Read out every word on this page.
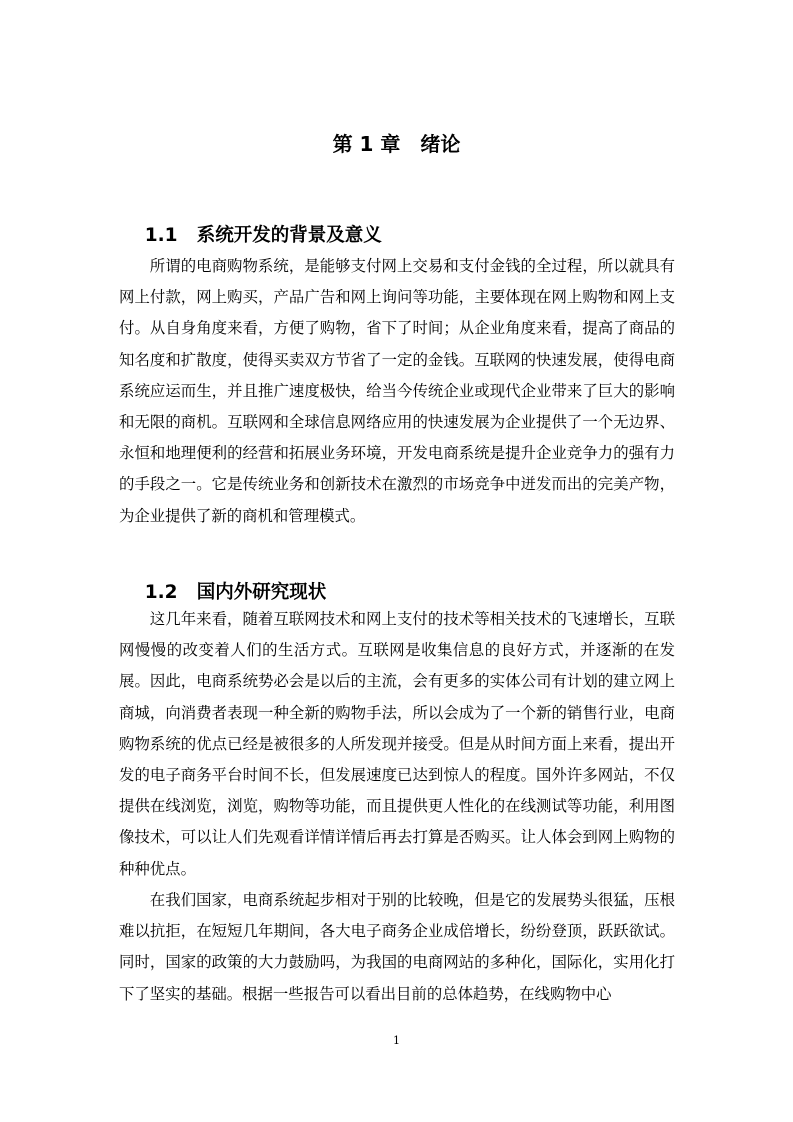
第 1 章　绪论

1.1 系统开发的背景及意义

所谓的电商购物系统，是能够支付网上交易和支付金钱的全过程，所以就具有网上付款，网上购买，产品广告和网上询问等功能，主要体现在网上购物和网上支付。从自身角度来看，方便了购物，省下了时间；从企业角度来看，提高了商品的知名度和扩散度，使得买卖双方节省了一定的金钱。互联网的快速发展，使得电商系统应运而生，并且推广速度极快，给当今传统企业或现代企业带来了巨大的影响和无限的商机。互联网和全球信息网络应用的快速发展为企业提供了一个无边界、永恒和地理便利的经营和拓展业务环境，开发电商系统是提升企业竞争力的强有力的手段之一。它是传统业务和创新技术在激烈的市场竞争中迸发而出的完美产物，为企业提供了新的商机和管理模式。

1.2 国内外研究现状

这几年来看，随着互联网技术和网上支付的技术等相关技术的飞速增长，互联网慢慢的改变着人们的生活方式。互联网是收集信息的良好方式，并逐渐的在发展。因此，电商系统势必会是以后的主流，会有更多的实体公司有计划的建立网上商城，向消费者表现一种全新的购物手法，所以会成为了一个新的销售行业，电商购物系统的优点已经是被很多的人所发现并接受。但是从时间方面上来看，提出开发的电子商务平台时间不长，但发展速度已达到惊人的程度。国外许多网站，不仅提供在线浏览，浏览，购物等功能，而且提供更人性化的在线测试等功能，利用图像技术，可以让人们先观看详情详情后再去打算是否购买。让人体会到网上购物的种种优点。

在我们国家，电商系统起步相对于别的比较晚，但是它的发展势头很猛，压根难以抗拒，在短短几年期间，各大电子商务企业成倍增长，纷纷登顶，跃跃欲试。同时，国家的政策的大力鼓励吗，为我国的电商网站的多种化，国际化，实用化打下了坚实的基础。根据一些报告可以看出目前的总体趋势，在线购物中心

1
